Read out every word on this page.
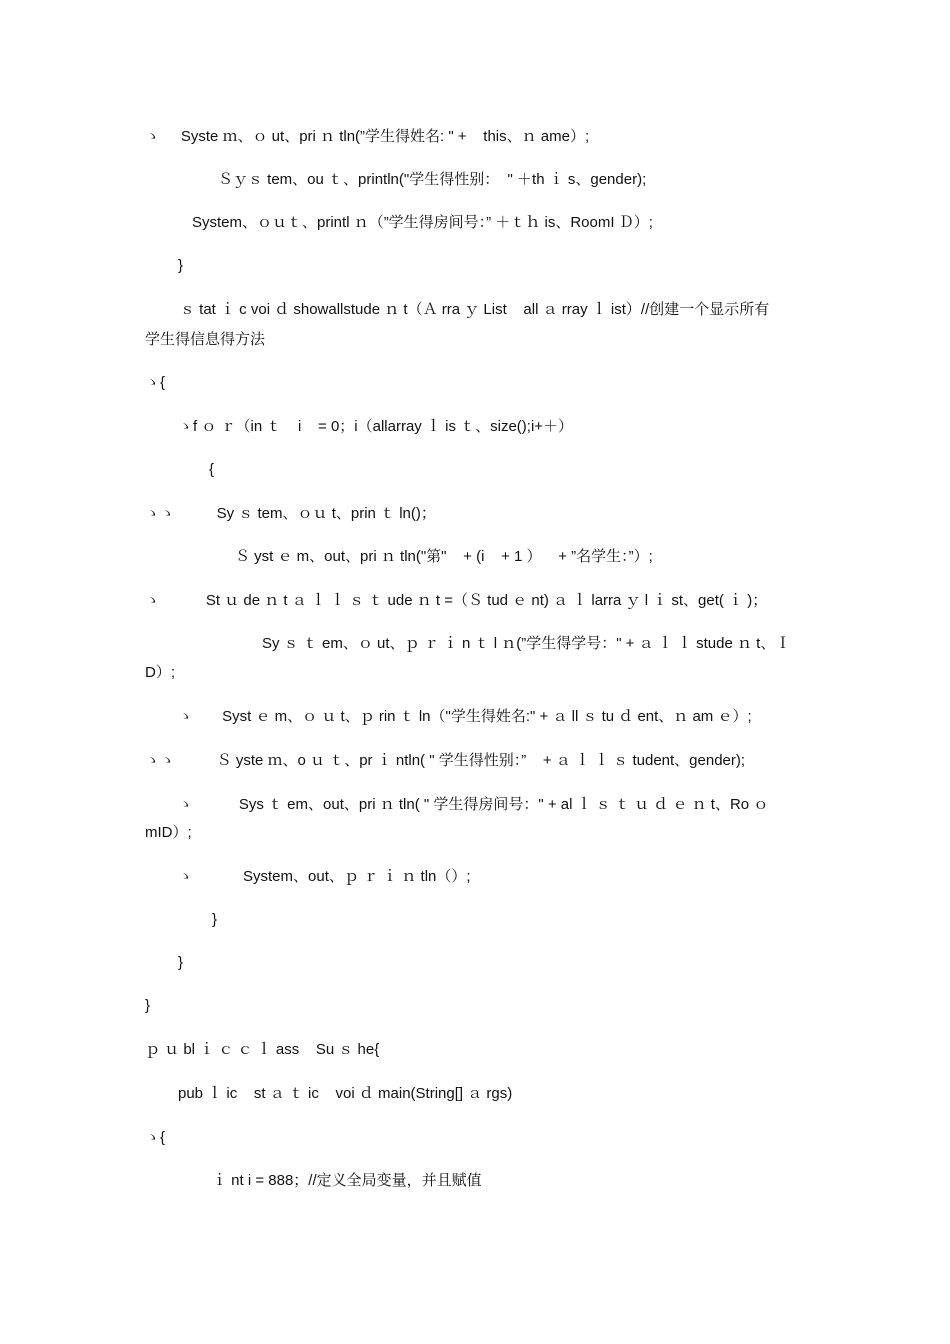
ゝ     Syste ｍ、ｏ ut、pri ｎ tln(”学生得姓名: " +    this、ｎ ame）;
Ｓｙｓ tem、ou ｔ、println("学生得性别：  " ＋th ｉ s、gender);
System、ｏｕｔ、printl ｎ（”学生得房间号：” ＋ｔｈ is、RoomI Ｄ）;
}
ｓ tat ｉ c voi ｄ showallstude ｎ t（Ａ rra ｙ List    all ａ rray ｌ ist）//创建一个显示所有
学生得信息得方法
ゝ{
ゝf ｏ ｒ（in ｔ    i    = 0；i（allarray ｌ is ｔ、size();i+＋）
{
ゝゝ          Sy ｓ tem、ｏｕ t、prin ｔ ln()；
Ｓ yst ｅ m、out、pri ｎ tln("第"    + (i    + 1 ）    + ”名学生：”）;
ゝ           St ｕ de ｎ t ａ ｌ ｌ ｓ ｔ ude ｎ t =（Ｓ tud ｅ nt) ａ ｌ larra ｙ l ｉ st、get( ｉ )；
Sy ｓ ｔ em、ｏ ut、ｐ ｒ ｉ n ｔ l ｎ(”学生得学号：" + ａ ｌ ｌ stude ｎ t、Ｉ
D）;
ゝ       Syst ｅ m、ｏ ｕ t、ｐ rin ｔ ln（"学生得姓名:" + ａ ll ｓ tu ｄ ent、ｎ am ｅ）;
ゝゝ          Ｓ yste ｍ、o ｕ ｔ、pr ｉ ntln( " 学生得性别：”    + ａ ｌ ｌ ｓ tudent、gender);
ゝ           Sys ｔ em、out、pri ｎ tln( " 学生得房间号：" + al ｌ ｓ ｔ ｕ ｄ ｅ ｎ t、Ro ｏ
mID）;
ゝ            System、out、ｐ ｒ ｉ ｎ tln（）;
}
}
}
ｐ ｕ bl ｉ ｃ ｃ ｌ ass    Su ｓ he{
pub ｌ ic    st ａ ｔ ic    voi ｄ main(String[] ａ rgs)
ゝ{
ｉ nt i = 888；//定义全局变量，并且赋值
